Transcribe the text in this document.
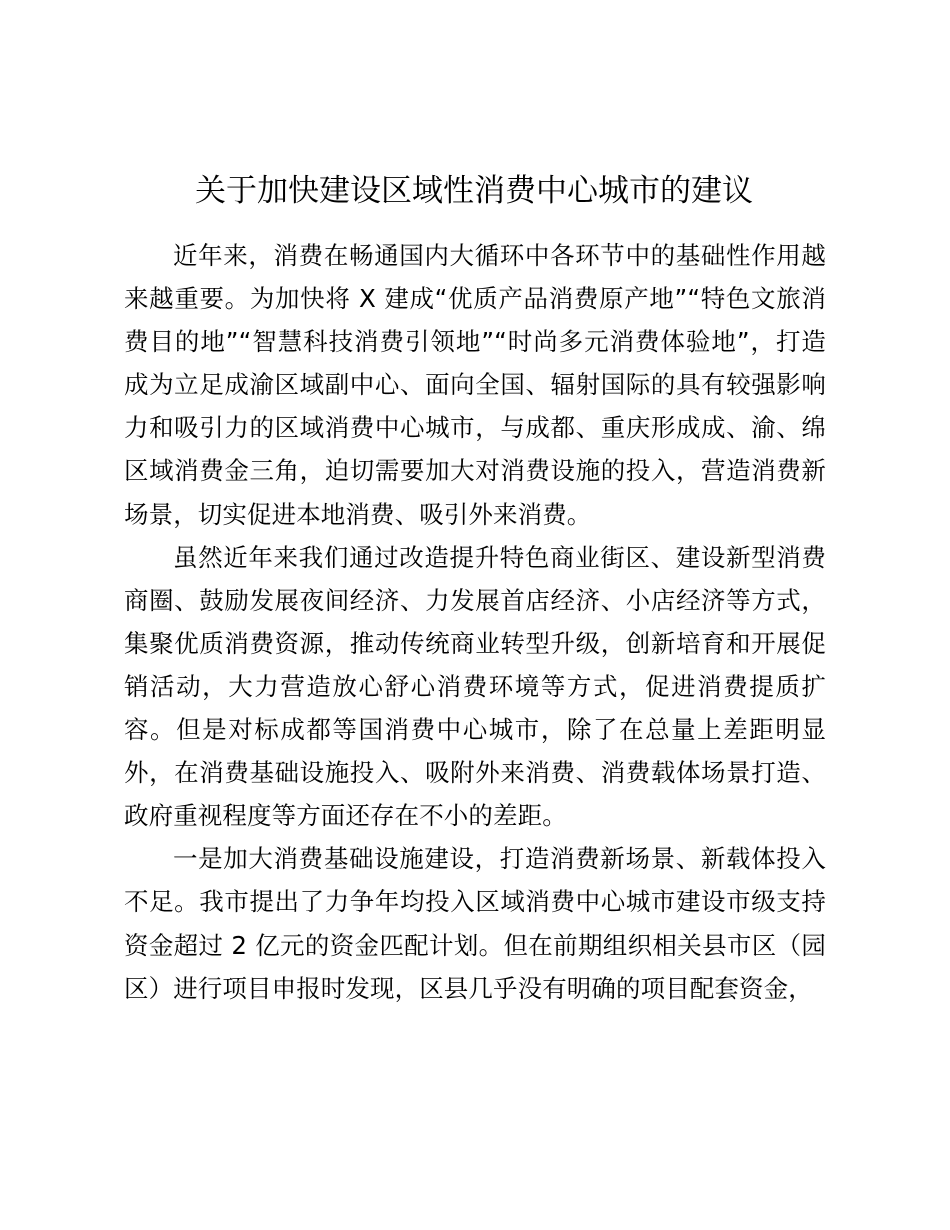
关于加快建设区域性消费中心城市的建议

近年来，消费在畅通国内大循环中各环节中的基础性作用越来越重要。为加快将 X 建成“优质产品消费原产地”“特色文旅消费目的地”“智慧科技消费引领地”“时尚多元消费体验地”，打造成为立足成渝区域副中心、面向全国、辐射国际的具有较强影响力和吸引力的区域消费中心城市，与成都、重庆形成成、渝、绵区域消费金三角，迫切需要加大对消费设施的投入，营造消费新场景，切实促进本地消费、吸引外来消费。

虽然近年来我们通过改造提升特色商业街区、建设新型消费商圈、鼓励发展夜间经济、力发展首店经济、小店经济等方式，集聚优质消费资源，推动传统商业转型升级，创新培育和开展促销活动，大力营造放心舒心消费环境等方式，促进消费提质扩容。但是对标成都等国消费中心城市，除了在总量上差距明显外，在消费基础设施投入、吸附外来消费、消费载体场景打造、政府重视程度等方面还存在不小的差距。

一是加大消费基础设施建设，打造消费新场景、新载体投入不足。我市提出了力争年均投入区域消费中心城市建设市级支持资金超过 2 亿元的资金匹配计划。但在前期组织相关县市区（园区）进行项目申报时发现，区县几乎没有明确的项目配套资金，
